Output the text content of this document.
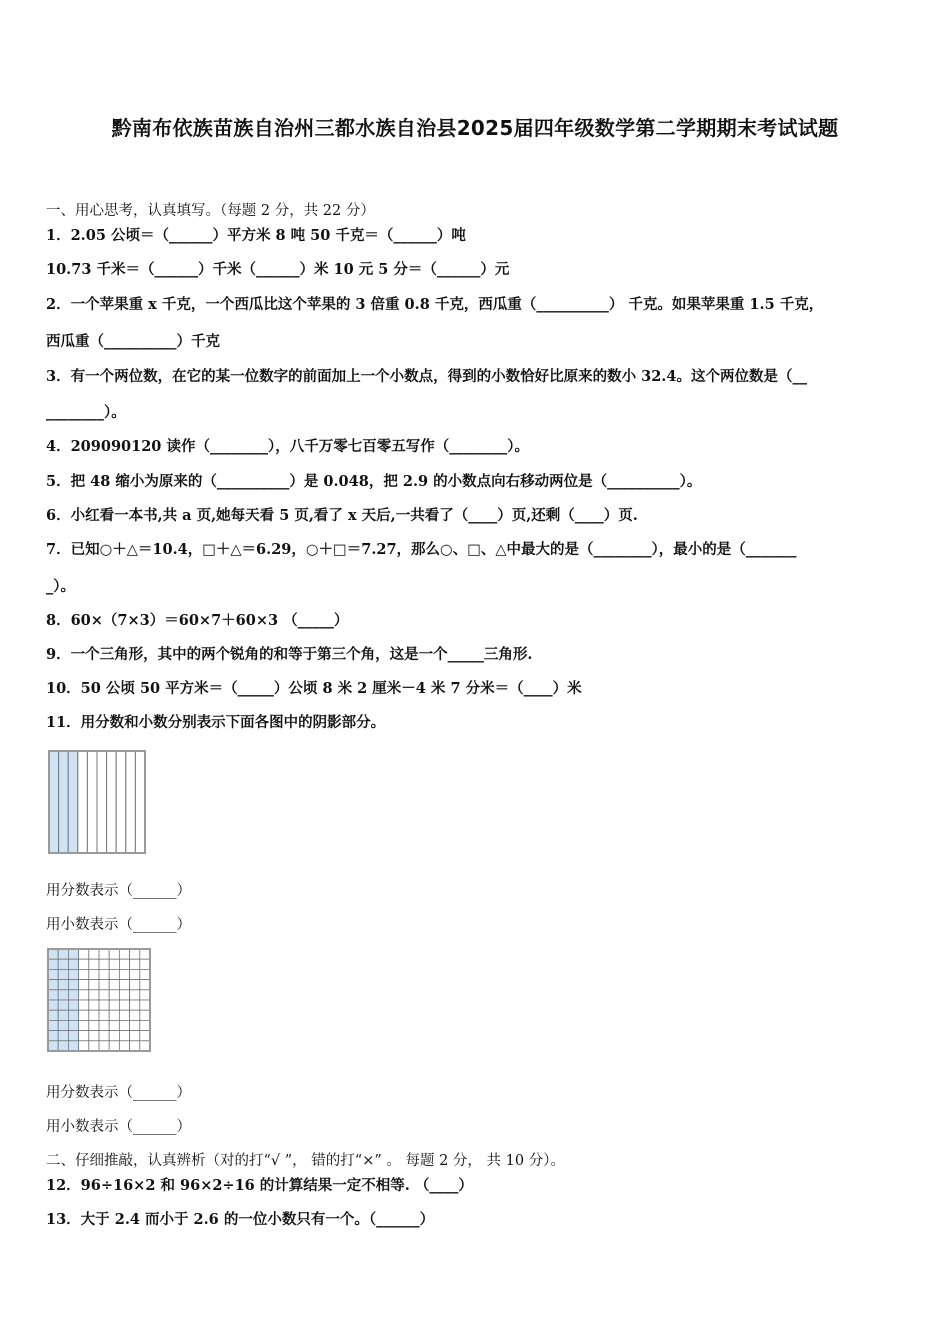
黔南布依族苗族自治州三都水族自治县2025届四年级数学第二学期期末考试试题
一、用心思考，认真填写。（每题 2 分，共 22 分）
1．2.05 公顷＝（______）平方米 8 吨 50 千克＝（______）吨
10.73 千米＝（______）千米（______）米 10 元 5 分＝（______）元
2．一个苹果重 x 千克，一个西瓜比这个苹果的 3 倍重 0.8 千克，西瓜重（__________） 千克。如果苹果重 1.5 千克，
西瓜重（__________）千克
3．有一个两位数，在它的某一位数字的前面加上一个小数点，得到的小数恰好比原来的数小 32.4。这个两位数是（__
________）。
4．209090120 读作（________），八千万零七百零五写作（________）。
5．把 48 缩小为原来的（__________）是 0.048，把 2.9 的小数点向右移动两位是（__________）。
6．小红看一本书,共 a 页,她每天看 5 页,看了 x 天后,一共看了（____）页,还剩（____）页.
7．已知○＋△＝10.4，□＋△＝6.29，○＋□＝7.27，那么○、□、△中最大的是（________），最小的是（_______
_）。
8．60×（7×3）＝60×7＋60×3 （_____）
9．一个三角形，其中的两个锐角的和等于第三个角，这是一个_____三角形.
10．50 公顷 50 平方米＝（_____）公顷 8 米 2 厘米－4 米 7 分米＝（____）米
11．用分数和小数分别表示下面各图中的阴影部分。
用分数表示（______）
用小数表示（______）
用分数表示（______）
用小数表示（______）
二、仔细推敲，认真辨析（对的打“√ ”， 错的打“×” 。 每题 2 分， 共 10 分）。
12．96÷16×2 和 96×2÷16 的计算结果一定不相等. （____）
13．大于 2.4 而小于 2.6 的一位小数只有一个。（______）
